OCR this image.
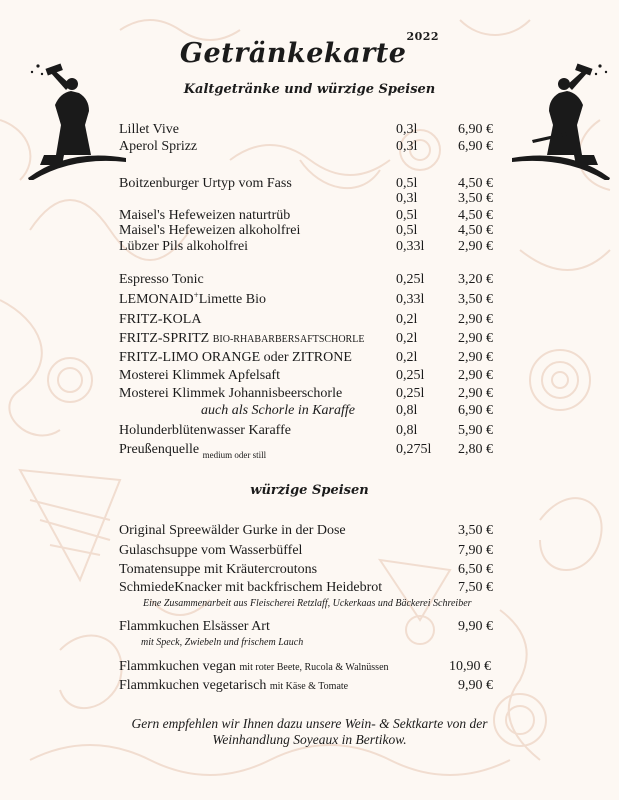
Getränkekarte$^{2022}$
Kaltgetränke und würzige Speisen
Lillet Vive	0,3l	6,90 €
Aperol Sprizz	0,3l	6,90 €
Boitzenburger Urtyp vom Fass	0,5l	4,50 €
0,3l	3,50 €
Maisel's Hefeweizen naturtrüb	0,5l	4,50 €
Maisel's Hefeweizen alkoholfrei	0,5l	4,50 €
Lübzer Pils alkoholfrei	0,33l 2,90 €
Espresso Tonic	0,25l 3,20 €
LEMONAID+Limette Bio	0,33l 3,50 €
FRITZ-KOLA	0,2l	2,90 €
FRITZ-SPRITZ BIO-RHABARBERSAFTSCHORLE 0,2l	2,90 €
FRITZ-LIMO ORANGE oder ZITRONE	0,2l	2,90 €
Mosterei Klimmek Apfelsaft	0,25l 2,90 €
Mosterei Klimmek Johannisbeerschorle	0,25l 2,90 €
auch als Schorle in Karaffe	0,8l	6,90 €
Holunderblütenwasser Karaffe	0,8l	5,90 €
Preußenquelle $_{medium oder still}$	0,275l 2,80 €
würzige Speisen
Original Spreewälder Gurke in der Dose	3,50 €
Gulaschsuppe vom Wasserbüffel	7,90 €
Tomatensuppe mit Kräutercroutons	6,50 €
SchmiedeKnacker mit backfrischem Heidebrot	7,50 €
Eine Zusammenarbeit aus Fleischerei Retzlaff, Uckerkaas und Bäckerei Schreiber
Flammkuchen Elsässer Art	9,90 €
mit Speck, Zwiebeln und frischem Lauch
Flammkuchen vegan mit roter Beete, Rucola & Walnüssen	10,90 €
Flammkuchen vegetarisch mit Käse & Tomate	9,90 €
Gern empfehlen wir Ihnen dazu unsere Wein- & Sektkarte von der
Weinhandlung Soyeaux in Bertikow.
